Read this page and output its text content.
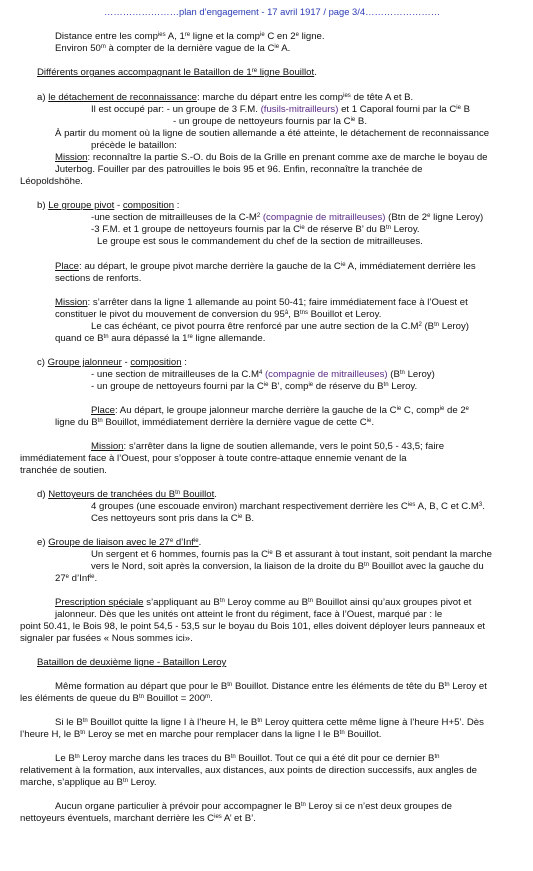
……………………plan d’engagement - 17 avril 1917 / page 3/4……………………
Distance entre les comp$^{ies}$ A, 1re ligne et la comp$^{ie}$ C en 2e ligne.
Environ 50$^m$ à compter de la dernière vague de la $C^{ie}$ A.
Différents organes accompagnant le Bataillon de 1re ligne Bouillot.
a) le détachement de reconnaissance: marche du départ entre les comp$^{ies}$ de tête A et B.
Il est occupé par: - un groupe de 3 F.M. (fusils-mitrailleurs) et 1 Caporal fourni par la $C^{ie}$ B
- un groupe de nettoyeurs fournis par la $C^{ie}$ B.
À partir du moment où la ligne de soutien allemande a été atteinte, le détachement de reconnaissance
précède le bataillon:
Mission: reconnaître la partie S.-O. du Bois de la Grille en prenant comme axe de marche le boyau de
Juterbog. Fouiller par des patrouilles le bois 95 et 96. Enfin, reconnaître la tranchée de
Léopoldshöhe.
b) Le groupe pivot - composition :
-une section de mitrailleuses de la $C-M^2$ (compagnie de mitrailleuses) (Btn de 2e ligne Leroy)
-3 F.M. et 1 groupe de nettoyeurs fournis par la $C^{ie}$ de réserve B’ du $B^{tn}$ Leroy.
Le groupe est sous le commandement du chef de la section de mitrailleuses.
Place: au départ, le groupe pivot marche derrière la gauche de la $C^{ie}$ A, immédiatement derrière les
sections de renforts.
Mission: s’arrêter dans la ligne 1 allemande au point 50-41; faire immédiatement face à l’Ouest et
constituer le pivot du mouvement de conversion du $95^â$, $B^{tns}$ Bouillot et Leroy.
Le cas échéant, ce pivot pourra être renforcé par une autre section de la $C.M^2$ ($B^{tn}$ Leroy)
quand ce $B^{tn}$ aura dépassé la 1re ligne allemande.
c) Groupe jalonneur - composition :
- une section de mitrailleuses de la $C.M^4$ (compagnie de mitrailleuses) ($B^{tn}$ Leroy)
- un groupe de nettoyeurs fourni par la $C^{ie}$ B’, comp$^{ie}$ de réserve du $B^{tn}$ Leroy.
Place: Au départ, le groupe jalonneur marche derrière la gauche de la $C^{ie}$ C, comp$^{ie}$ de 2e
ligne du $B^{tn}$ Bouillot, immédiatement derrière la dernière vague de cette $C^{ie}$.
Mission: s’arrêter dans la ligne de soutien allemande, vers le point 50,5 - 43,5; faire
immédiatement face à l’Ouest, pour s’opposer à toute contre-attaque ennemie venant de la
tranchée de soutien.
d) Nettoyeurs de tranchées du $B^{tn}$ Bouillot.
4 groupes (une escouade environ) marchant respectivement derrière les $C^{ies}$ A, B, C et $C.M^3$.
Ces nettoyeurs sont pris dans la $C^{ie}$ B.
e) Groupe de liaison avec le 27e d’Inf$^{ie}$.
Un sergent et 6 hommes, fournis pas la $C^{ie}$ B et assurant à tout instant, soit pendant la marche
vers le Nord, soit après la conversion, la liaison de la droite du $B^{tn}$ Bouillot avec la gauche du
27e d’Inf$^{ie}$.
Prescription spéciale s’appliquant au $B^{tn}$ Leroy comme au $B^{tn}$ Bouillot ainsi qu’aux groupes pivot et
jalonneur. Dès que les unités ont atteint le front du régiment, face à l’Ouest, marqué par : le
point 50.41, le Bois 98, le point 54,5 - 53,5 sur le boyau du Bois 101, elles doivent déployer leurs panneaux et
signaler par fusées « Nous sommes ici».
Bataillon de deuxième ligne - Bataillon Leroy
Même formation au départ que pour le $B^{tn}$ Bouillot. Distance entre les éléments de tête du $B^{tn}$ Leroy et
les éléments de queue du $B^{tn}$ Bouillot = $200^m$.
Si le $B^{tn}$ Bouillot quitte la ligne I à l’heure H, le $B^{tn}$ Leroy quittera cette même ligne à l’heure H+5’. Dès
l’heure H, le $B^{tn}$ Leroy se met en marche pour remplacer dans la ligne I le $B^{tn}$ Bouillot.
Le $B^{tn}$ Leroy marche dans les traces du $B^{tn}$ Bouillot. Tout ce qui a été dit pour ce dernier $B^{tn}$
relativement à la formation, aux intervalles, aux distances, aux points de direction successifs, aux angles de
marche, s’applique au $B^{tn}$ Leroy.
Aucun organe particulier à prévoir pour accompagner le $B^{tn}$ Leroy si ce n’est deux groupes de
nettoyeurs éventuels, marchant derrière les $C^{ies}$ A’ et B’.
